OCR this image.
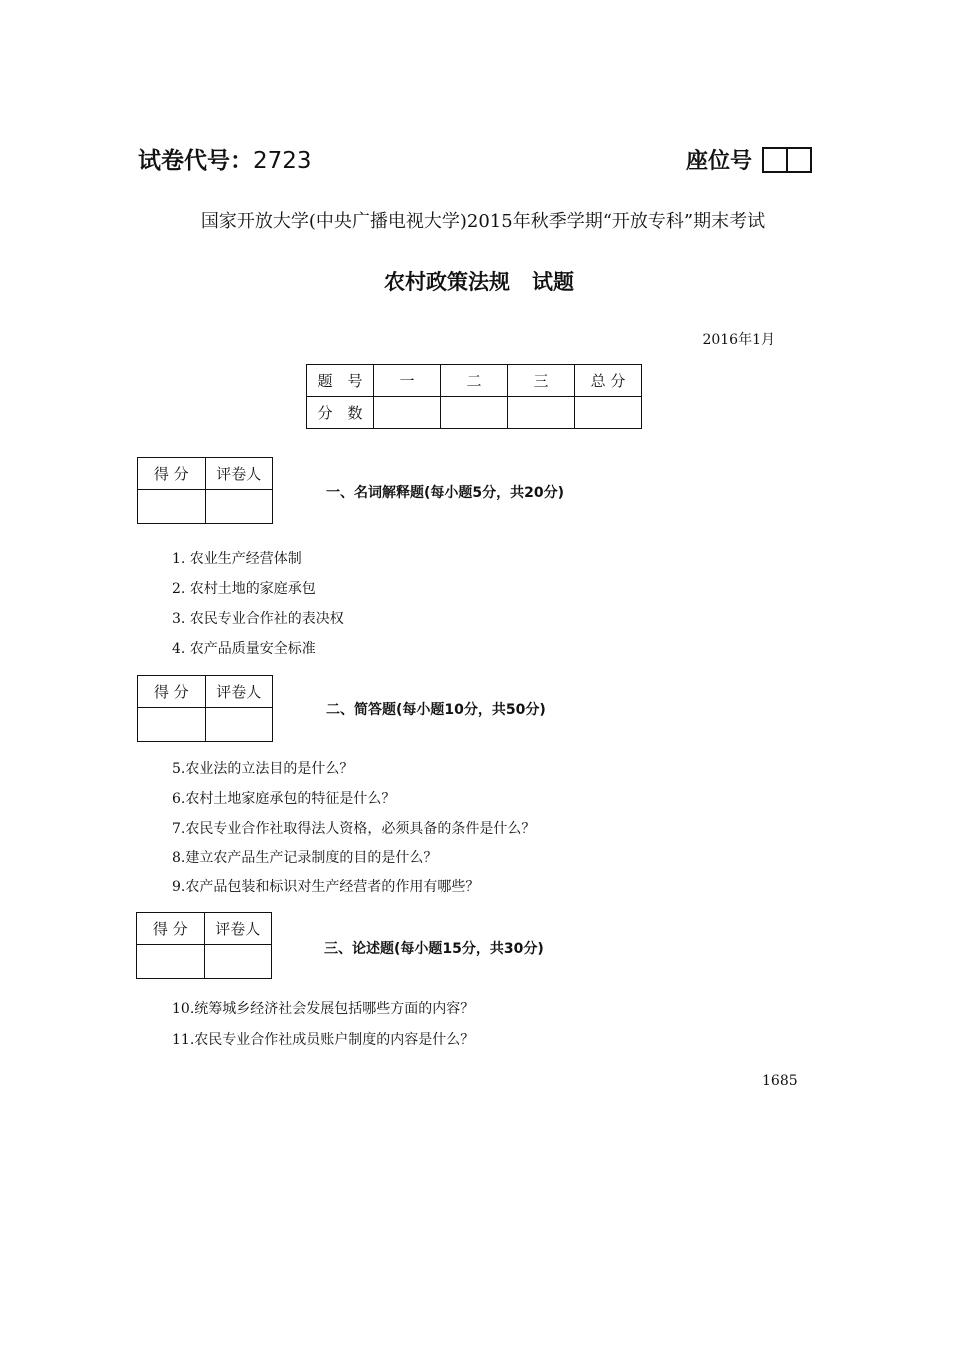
试卷代号：2723	座位号
国家开放大学(中央广播电视大学)2015年秋季学期“开放专科”期末考试
农村政策法规   试题
2016年1月
题　号	一	二	三	总 分
分　数				
得 分	评卷人

一、名词解释题(每小题5分，共20分)
1. 农业生产经营体制
2. 农村土地的家庭承包
3. 农民专业合作社的表决权
4. 农产品质量安全标准
得 分	评卷人

二、简答题(每小题10分，共50分)
5.农业法的立法目的是什么？
6.农村土地家庭承包的特征是什么？
7.农民专业合作社取得法人资格，必须具备的条件是什么？
8.建立农产品生产记录制度的目的是什么？
9.农产品包装和标识对生产经营者的作用有哪些？
得 分	评卷人

三、论述题(每小题15分，共30分)
10.统筹城乡经济社会发展包括哪些方面的内容？
11.农民专业合作社成员账户制度的内容是什么？
1685
